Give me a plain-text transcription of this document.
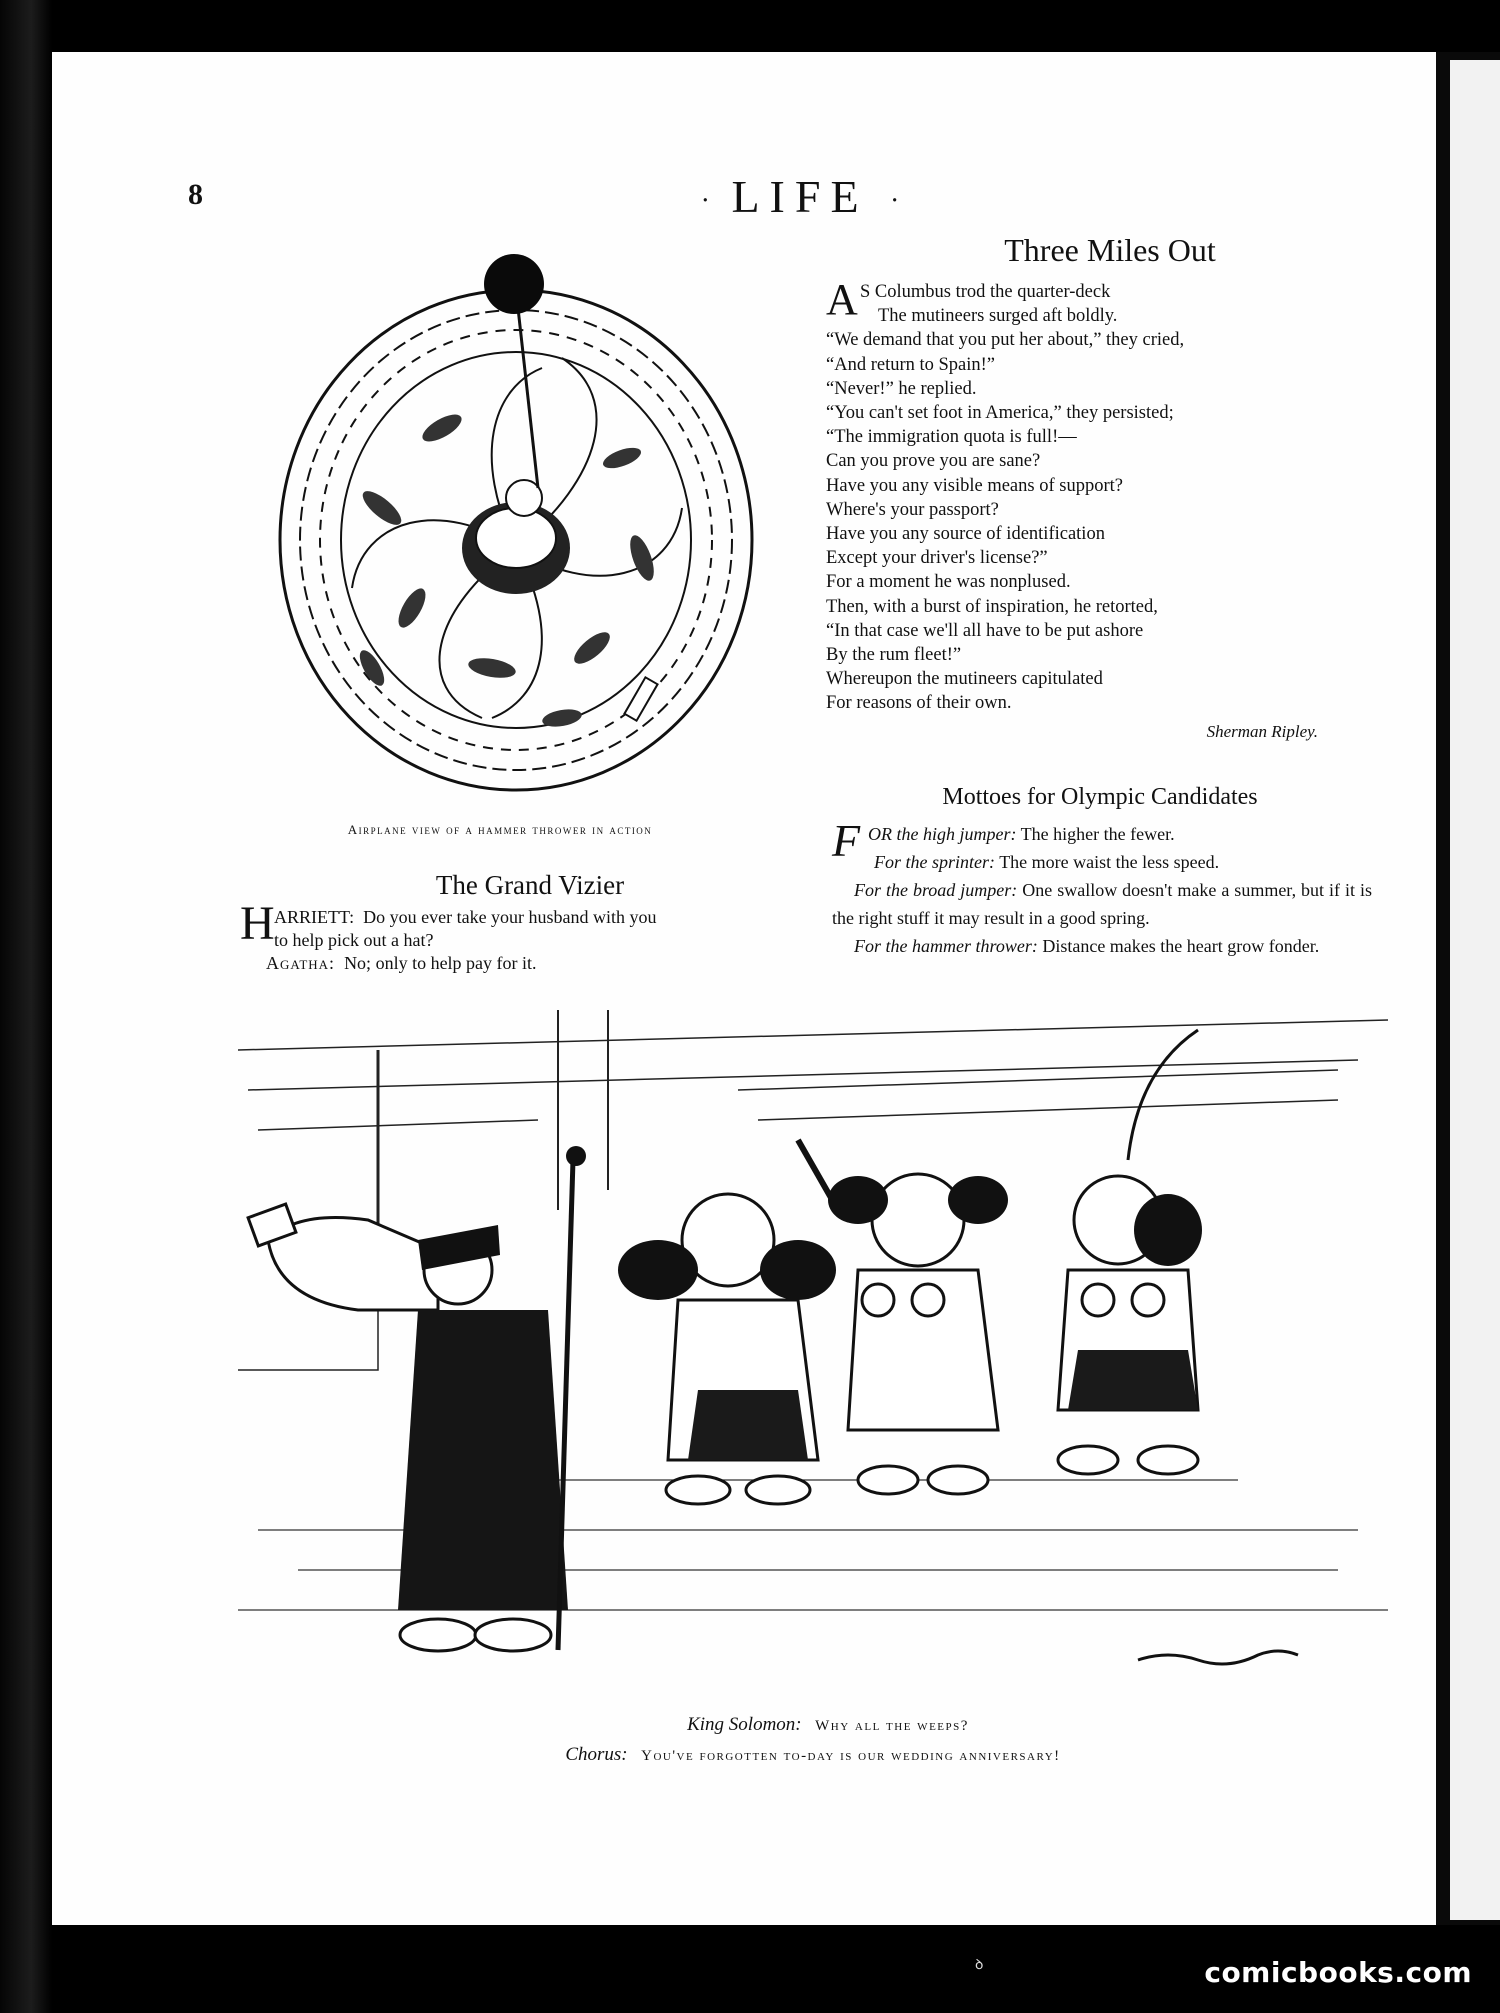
8	· LIFE ·
Airplane view of a hammer thrower in action
Three Miles Out
A S Columbus trod the quarter-deck
The mutineers surged aft boldly.
“We demand that you put her about,” they cried,
“And return to Spain!”
“Never!” he replied.
“You can't set foot in America,” they persisted;
“The immigration quota is full!—
Can you prove you are sane?
Have you any visible means of support?
Where's your passport?
Have you any source of identification
Except your driver's license?”
For a moment he was nonplused.
Then, with a burst of inspiration, he retorted,
“In that case we'll all have to be put ashore
By the rum fleet!”
Whereupon the mutineers capitulated
For reasons of their own.
Sherman Ripley.
Mottoes for Olympic Candidates
F OR the high jumper: The higher the fewer.

For the sprinter: The more waist the less speed.

For the broad jumper: One swallow doesn't make a summer, but if it is the right stuff it may result in a good spring.

For the hammer thrower: Distance makes the heart grow fonder.

The Grand Vizier
H ARRIETT: Do you ever take your husband with you
to help pick out a hat?
Agatha: No; only to help pay for it.
King Solomon: Why all the weeps?
Chorus: You've forgotten to-day is our wedding anniversary!
ꝺ	comicbooks.com
